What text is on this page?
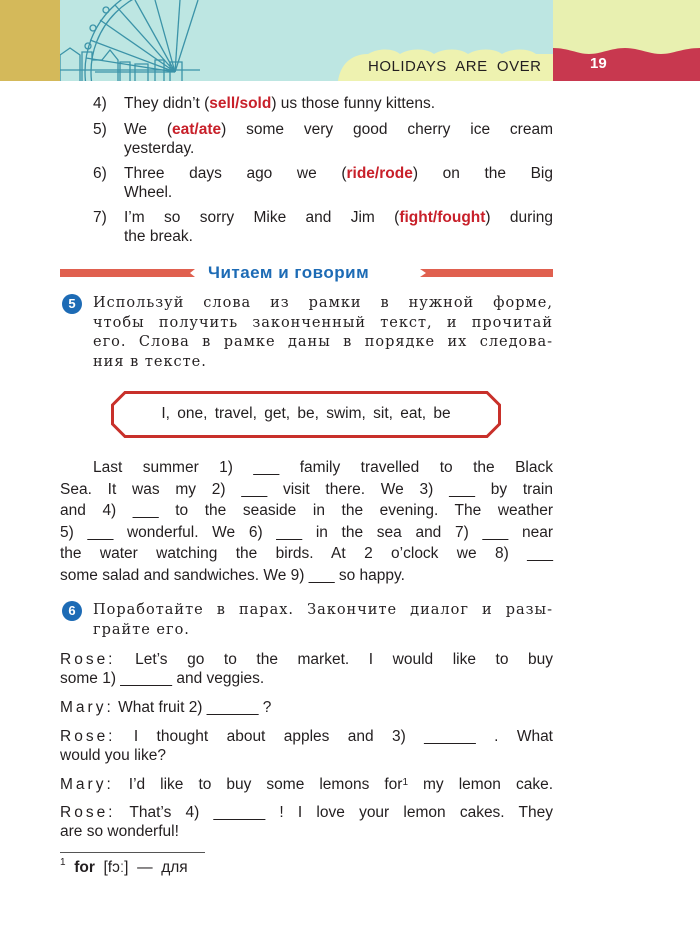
HOLIDAYS  ARE  OVER	19
4) They didn’t (sell/sold) us those funny kittens.
5) We (eat/ate) some very good cherry ice cream
yesterday.
6) Three days ago we (ride/rode) on the Big
Wheel.
7) I’m so sorry Mike and Jim (fight/fought) during
the break.
Читаем и говорим
5	Используй слова из рамки в нужной форме,
чтобы получить законченный текст, и прочитай
его. Слова в рамке даны в порядке их следова-
ния в тексте.
I, one, travel, get, be, swim, sit, eat, be
Last summer 1) ___ family travelled to the Black
Sea. It was my 2) ___ visit there. We 3) ___ by train
and 4) ___ to the seaside in the evening. The weather
5) ___ wonderful. We 6) ___ in the sea and 7) ___ near
the water watching the birds. At 2 o’clock we 8) ___
some salad and sandwiches. We 9) ___ so happy.
6	Поработайте в парах. Закончите диалог и разы-
грайте его.
Rose: Let’s go to the market. I would like to buy
some 1) ______ and veggies.
Mary: What fruit 2) ______ ?
Rose: I thought about apples and 3) ______ . What
would you like?
Mary: I’d like to buy some lemons for$^1$ my lemon cake.
Rose: That’s 4) ______ ! I love your lemon cakes. They
are so wonderful!
$^1$ for [fɔː] — для
